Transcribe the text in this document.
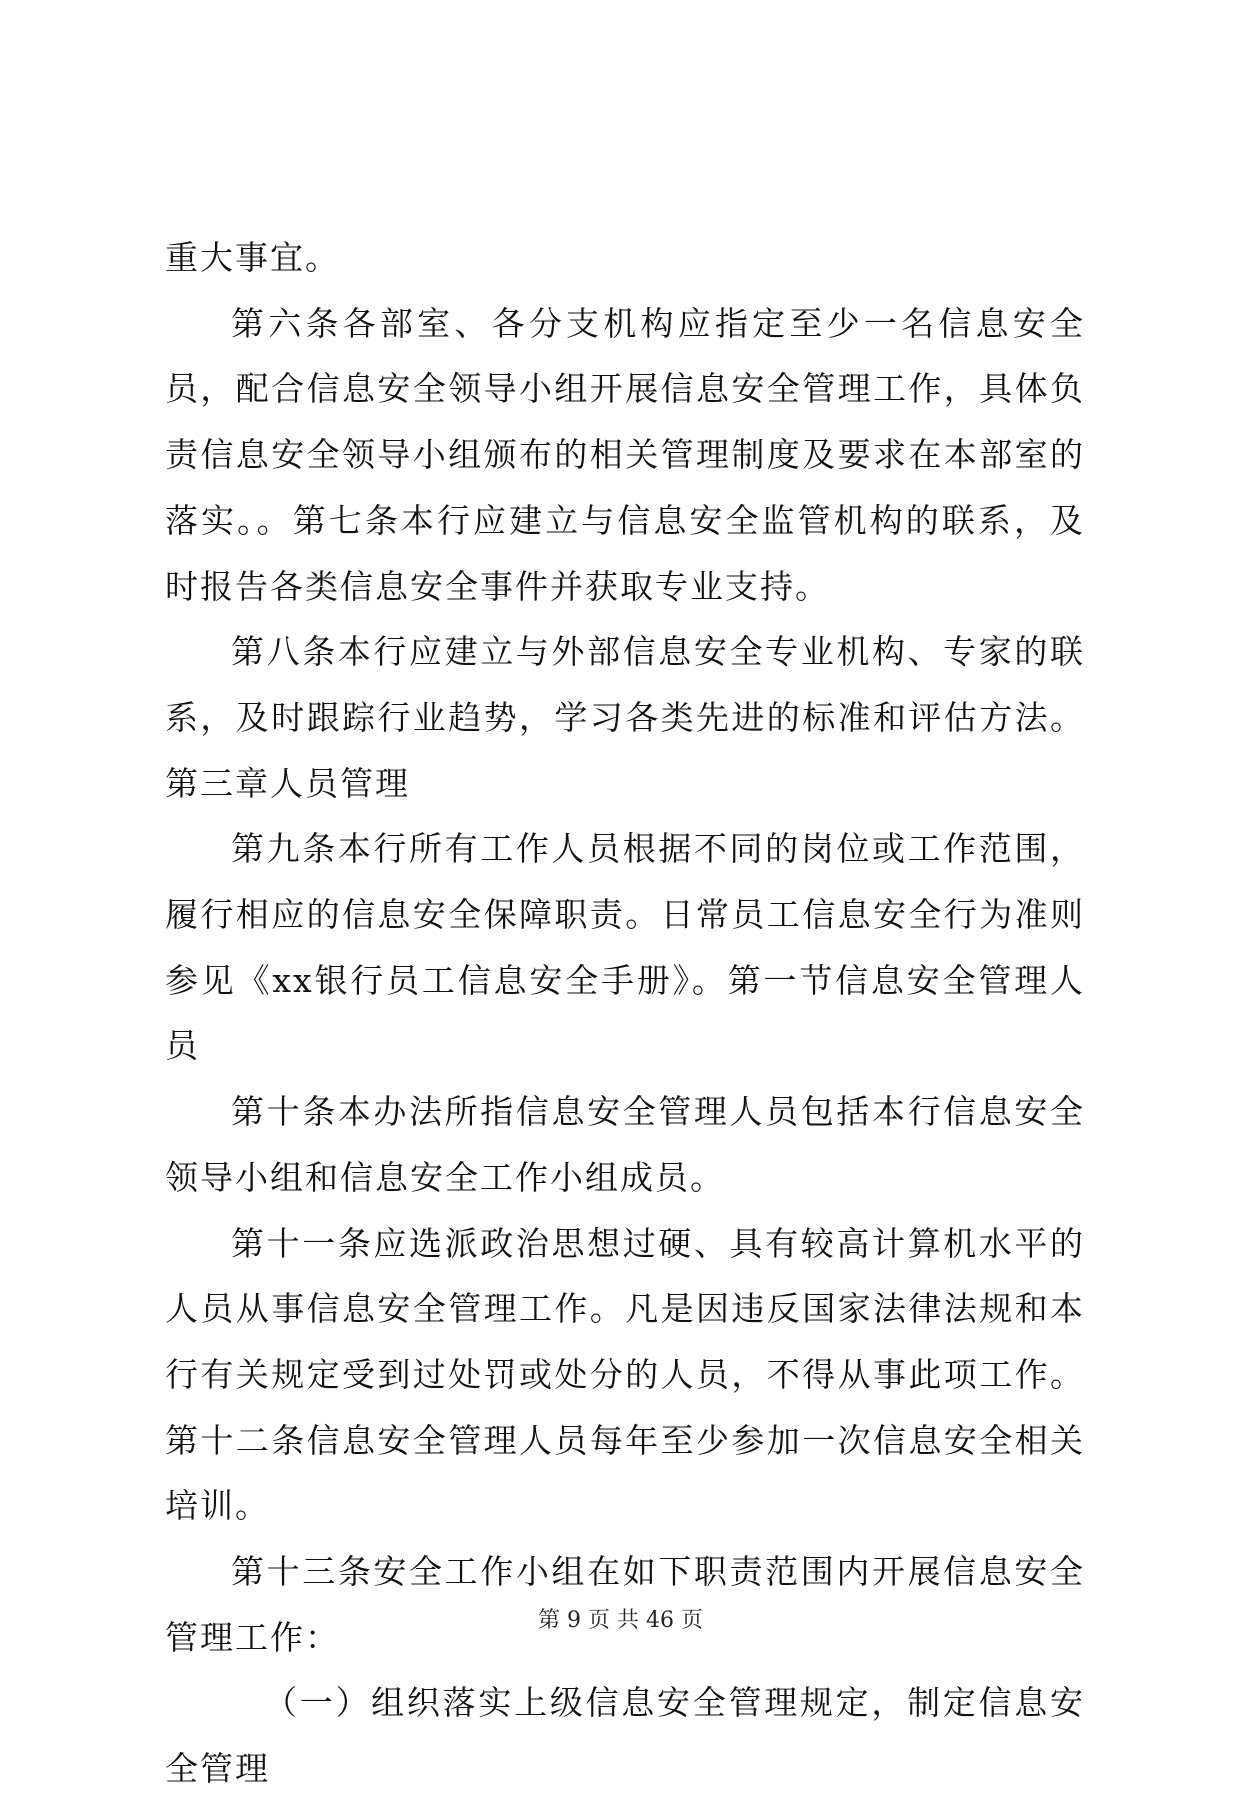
重大事宜。

第六条各部室、各分支机构应指定至少一名信息安全员，配合信息安全领导小组开展信息安全管理工作，具体负责信息安全领导小组颁布的相关管理制度及要求在本部室的落实。。第七条本行应建立与信息安全监管机构的联系，及时报告各类信息安全事件并获取专业支持。

第八条本行应建立与外部信息安全专业机构、专家的联系，及时跟踪行业趋势，学习各类先进的标准和评估方法。第三章人员管理

第九条本行所有工作人员根据不同的岗位或工作范围，履行相应的信息安全保障职责。日常员工信息安全行为准则参见《xx银行员工信息安全手册》。第一节信息安全管理人员

第十条本办法所指信息安全管理人员包括本行信息安全领导小组和信息安全工作小组成员。

第十一条应选派政治思想过硬、具有较高计算机水平的人员从事信息安全管理工作。凡是因违反国家法律法规和本行有关规定受到过处罚或处分的人员，不得从事此项工作。第十二条信息安全管理人员每年至少参加一次信息安全相关培训。

第十三条安全工作小组在如下职责范围内开展信息安全管理工作：

（一）组织落实上级信息安全管理规定，制定信息安全管理

第 9 页 共 46 页
